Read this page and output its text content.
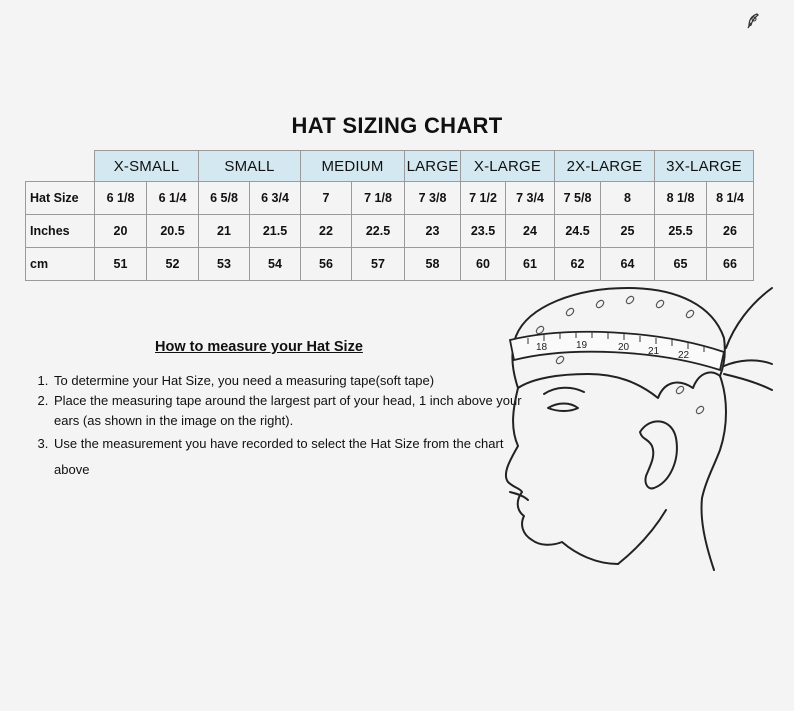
HAT SIZING CHART
	X-SMALL		SMALL		MEDIUM		LARGE	X-LARGE		2X-LARGE		3X-LARGE	
Hat Size	6 1/8	6 1/4	6 5/8	6 3/4	7	7 1/8	7 3/8	7 1/2	7 3/4	7 5/8	8	8 1/8	8 1/4
Inches	20	20.5	21	21.5	22	22.5	23	23.5	24	24.5	25	25.5	26
cm	51	52	53	54	56	57	58	60	61	62	64	65	66
How to measure your Hat Size
1. To determine your Hat Size, you need a measuring tape(soft tape)
2. Place the measuring tape around the largest part of your head, 1 inch above your ears (as shown in the image on the right).
3. Use the measurement you have recorded to select the Hat Size from the chart above
18	19	20 21 22
